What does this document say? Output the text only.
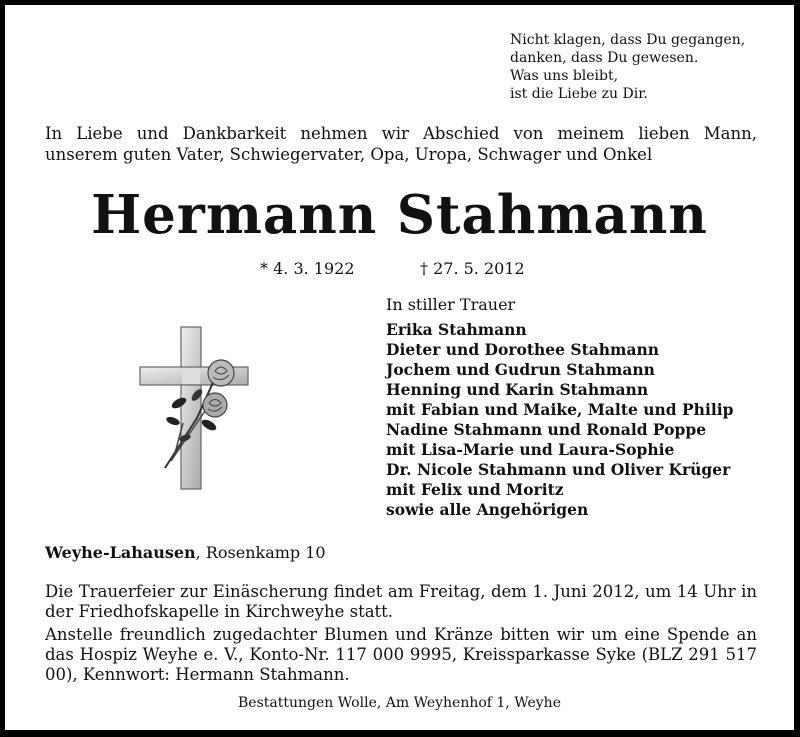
Nicht klagen, dass Du gegangen,
danken, dass Du gewesen.
Was uns bleibt,
ist die Liebe zu Dir.
In Liebe und Dankbarkeit nehmen wir Abschied von meinem lieben Mann,
unserem guten Vater, Schwiegervater, Opa, Uropa, Schwager und Onkel
Hermann Stahmann
* 4. 3. 1922	† 27. 5. 2012
In stiller Trauer
Erika Stahmann
Dieter und Dorothee Stahmann
Jochem und Gudrun Stahmann
Henning und Karin Stahmann
mit Fabian und Maike, Malte und Philip
Nadine Stahmann und Ronald Poppe
mit Lisa-Marie und Laura-Sophie
Dr. Nicole Stahmann und Oliver Krüger
mit Felix und Moritz
sowie alle Angehörigen
Weyhe-Lahausen, Rosenkamp 10
Die Trauerfeier zur Einäscherung findet am Freitag, dem 1. Juni 2012, um 14 Uhr in der Friedhofskapelle in Kirchweyhe statt.
Anstelle freundlich zugedachter Blumen und Kränze bitten wir um eine Spende an das Hospiz Weyhe e. V., Konto-Nr. 117 000 9995, Kreissparkasse Syke (BLZ 291 517 00), Kennwort: Hermann Stahmann.
Bestattungen Wolle, Am Weyhenhof 1, Weyhe
